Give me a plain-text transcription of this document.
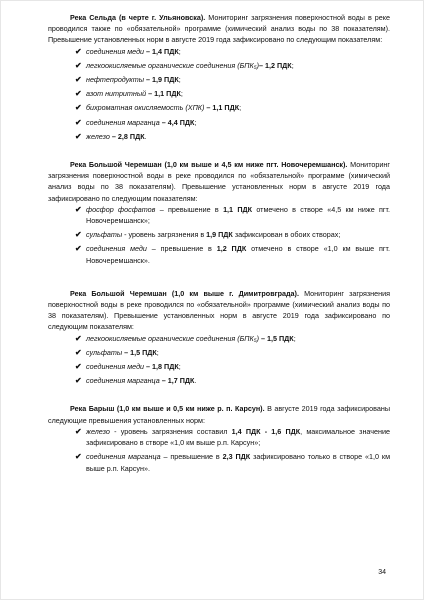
Река Сельда (в черте г. Ульяновска). Мониторинг загрязнения поверхностной воды в реке проводился также по «обязательной» программе (химический анализ воды по 38 показателям). Превышение установленных норм в августе 2019 года зафиксировано по следующим показателям:

✔ соединения меди – 1,4 ПДК;
✔ легкоокисляемые органические соединения (БПК₅)– 1,2 ПДК;
✔ нефтепродукты – 1,9 ПДК;
✔ азот нитритный – 1,1 ПДК;
✔ бихроматная окисляемость (ХПК) – 1,1 ПДК;
✔ соединения марганца – 4,4 ПДК;
✔ железо – 2,8 ПДК.

Река Большой Черемшан (1,0 км выше и 4,5 км ниже пгт. Новочеремшанск). Мониторинг загрязнения поверхностной воды в реке проводился по «обязательной» программе (химический анализ воды по 38 показателям). Превышение установленных норм в августе 2019 года зафиксировано по следующим показателям:

✔ фосфор фосфатов – превышение в 1,1 ПДК отмечено в створе «4,5 км ниже пгт. Новочеремшанск»;
✔ сульфаты - уровень загрязнения в 1,9 ПДК зафиксирован в обоих створах;
✔ соединения меди – превышение в 1,2 ПДК отмечено в створе «1,0 км выше пгт. Новочеремшанск».

Река Большой Черемшан (1,0 км выше г. Димитровграда). Мониторинг загрязнения поверхностной воды в реке проводился по «обязательной» программе (химический анализ воды по 38 показателям). Превышение установленных норм в августе 2019 года зафиксировано по следующим показателям:

✔ легкоокисляемые органические соединения (БПК₅) – 1,5 ПДК;
✔ сульфаты – 1,5 ПДК;
✔ соединения меди – 1,8 ПДК;
✔ соединения марганца – 1,7 ПДК.

Река Барыш (1,0 км выше и 0,5 км ниже р. п. Карсун). В августе 2019 года зафиксированы следующие превышения установленных норм:

✔ железо - уровень загрязнения составил 1,4 ПДК - 1,6 ПДК, максимальное значение зафиксировано в створе «1,0 км выше р.п. Карсун»;
✔ соединения марганца – превышение в 2,3 ПДК зафиксировано только в створе «1,0 км выше р.п. Карсун».
34
